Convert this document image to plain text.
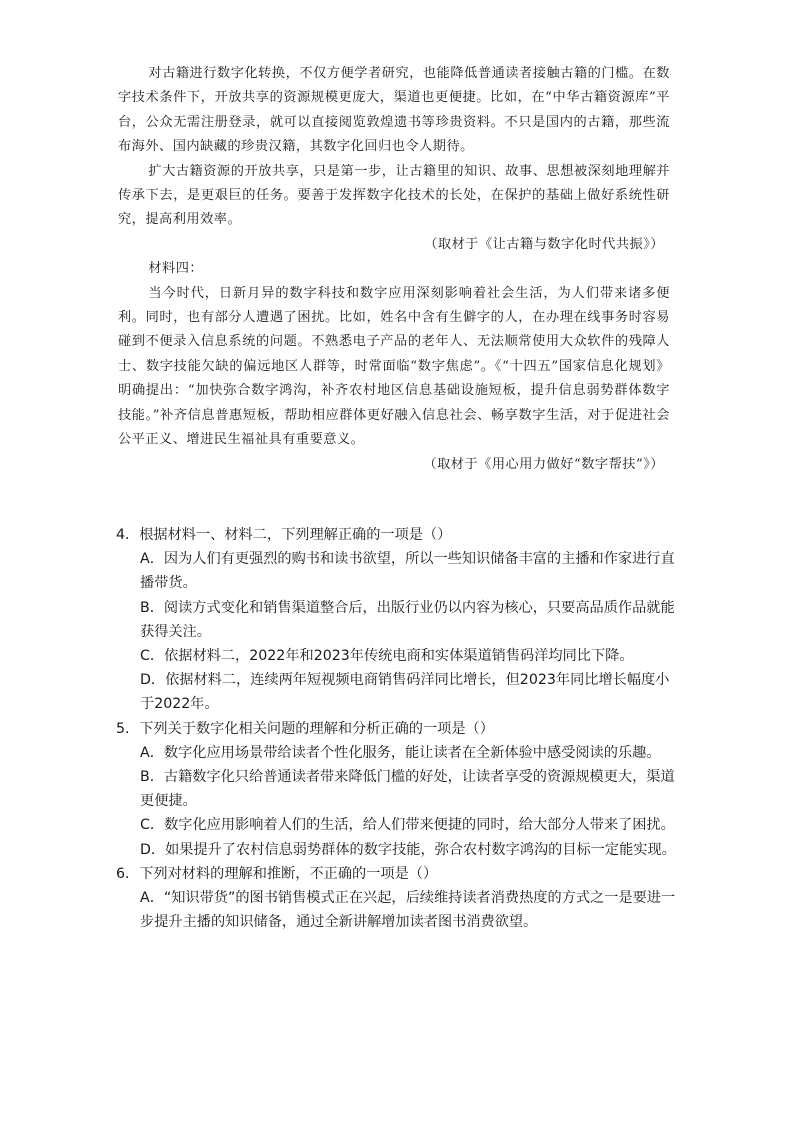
对古籍进行数字化转换，不仅方便学者研究，也能降低普通读者接触古籍的门槛。在数字技术条件下，开放共享的资源规模更庞大，渠道也更便捷。比如，在“中华古籍资源库”平台，公众无需注册登录，就可以直接阅览敦煌遗书等珍贵资料。不只是国内的古籍，那些流布海外、国内缺藏的珍贵汉籍，其数字化回归也令人期待。

扩大古籍资源的开放共享，只是第一步，让古籍里的知识、故事、思想被深刻地理解并传承下去，是更艰巨的任务。要善于发挥数字化技术的长处，在保护的基础上做好系统性研究，提高利用效率。

（取材于《让古籍与数字化时代共振》）

材料四：

当今时代，日新月异的数字科技和数字应用深刻影响着社会生活，为人们带来诸多便利。同时，也有部分人遭遇了困扰。比如，姓名中含有生僻字的人，在办理在线事务时容易碰到不便录入信息系统的问题。不熟悉电子产品的老年人、无法顺常使用大众软件的残障人士、数字技能欠缺的偏远地区人群等，时常面临“数字焦虑”。《“十四五”国家信息化规划》明确提出：“加快弥合数字鸿沟，补齐农村地区信息基础设施短板，提升信息弱势群体数字技能。”补齐信息普惠短板，帮助相应群体更好融入信息社会、畅享数字生活，对于促进社会公平正义、增进民生福祉具有重要意义。

（取材于《用心用力做好“数字帮扶”》）

4．根据材料一、材料二，下列理解正确的一项是（）

A．因为人们有更强烈的购书和读书欲望，所以一些知识储备丰富的主播和作家进行直播带货。

B．阅读方式变化和销售渠道整合后，出版行业仍以内容为核心，只要高品质作品就能获得关注。

C．依据材料二，2022年和2023年传统电商和实体渠道销售码洋均同比下降。

D．依据材料二，连续两年短视频电商销售码洋同比增长，但2023年同比增长幅度小于2022年。

5．下列关于数字化相关问题的理解和分析正确的一项是（）

A．数字化应用场景带给读者个性化服务，能让读者在全新体验中感受阅读的乐趣。

B．古籍数字化只给普通读者带来降低门槛的好处，让读者享受的资源规模更大，渠道更便捷。

C．数字化应用影响着人们的生活，给人们带来便捷的同时，给大部分人带来了困扰。

D．如果提升了农村信息弱势群体的数字技能，弥合农村数字鸿沟的目标一定能实现。

6．下列对材料的理解和推断，不正确的一项是（）

A．“知识带货”的图书销售模式正在兴起，后续维持读者消费热度的方式之一是要进一步提升主播的知识储备，通过全新讲解增加读者图书消费欲望。
